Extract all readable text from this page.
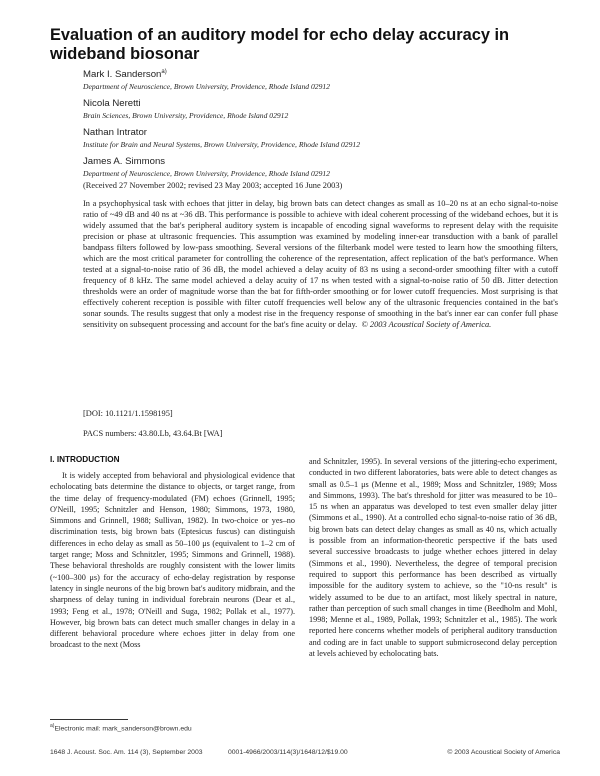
Evaluation of an auditory model for echo delay accuracy in wideband biosonar
Mark I. Sanderson$^{a)}$
Department of Neuroscience, Brown University, Providence, Rhode Island 02912
Nicola Neretti
Brain Sciences, Brown University, Providence, Rhode Island 02912
Nathan Intrator
Institute for Brain and Neural Systems, Brown University, Providence, Rhode Island 02912
James A. Simmons
Department of Neuroscience, Brown University, Providence, Rhode Island 02912
(Received 27 November 2002; revised 23 May 2003; accepted 16 June 2003)

In a psychophysical task with echoes that jitter in delay, big brown bats can detect changes as small as 10–20 ns at an echo signal-to-noise ratio of ~49 dB and 40 ns at ~36 dB. This performance is possible to achieve with ideal coherent processing of the wideband echoes, but it is widely assumed that the bat's peripheral auditory system is incapable of encoding signal waveforms to represent delay with the requisite precision or phase at ultrasonic frequencies. This assumption was examined by modeling inner-ear transduction with a bank of parallel bandpass filters followed by low-pass smoothing. Several versions of the filterbank model were tested to learn how the smoothing filters, which are the most critical parameter for controlling the coherence of the representation, affect replication of the bat's performance. When tested at a signal-to-noise ratio of 36 dB, the model achieved a delay acuity of 83 ns using a second-order smoothing filter with a cutoff frequency of 8 kHz. The same model achieved a delay acuity of 17 ns when tested with a signal-to-noise ratio of 50 dB. Jitter detection thresholds were an order of magnitude worse than the bat for fifth-order smoothing or for lower cutoff frequencies. Most surprising is that effectively coherent reception is possible with filter cutoff frequencies well below any of the ultrasonic frequencies contained in the bat's sonar sounds. The results suggest that only a modest rise in the frequency response of smoothing in the bat's inner ear can confer full phase sensitivity on subsequent processing and account for the bat's fine acuity or delay. © 2003 Acoustical Society of America.

[DOI: 10.1121/1.1598195]
PACS numbers: 43.80.Lb, 43.64.Bt [WA]
I. INTRODUCTION

It is widely accepted from behavioral and physiological evidence that echolocating bats determine the distance to objects, or target range, from the time delay of frequency-modulated (FM) echoes (Grinnell, 1995; O'Neill, 1995; Schnitzler and Henson, 1980; Simmons, 1973, 1980, Simmons and Grinnell, 1988; Sullivan, 1982). In two-choice or yes–no discrimination tests, big brown bats (Eptesicus fuscus) can distinguish differences in echo delay as small as 50–100 μs (equivalent to 1–2 cm of target range; Moss and Schnitzler, 1995; Simmons and Grinnell, 1988). These behavioral thresholds are roughly consistent with the lower limits (~100–300 μs) for the accuracy of echo-delay registration by response latency in single neurons of the big brown bat's auditory midbrain, and the sharpness of delay tuning in individual forebrain neurons (Dear et al., 1993; Feng et al., 1978; O'Neill and Suga, 1982; Pollak et al., 1977). However, big brown bats can detect much smaller changes in delay in a different behavioral procedure where echoes jitter in delay from one broadcast to the next (Moss

and Schnitzler, 1995). In several versions of the jittering-echo experiment, conducted in two different laboratories, bats were able to detect changes as small as 0.5–1 μs (Menne et al., 1989; Moss and Schnitzler, 1989; Moss and Simmons, 1993). The bat's threshold for jitter was measured to be 10–15 ns when an apparatus was developed to test even smaller delay jitter (Simmons et al., 1990). At a controlled echo signal-to-noise ratio of 36 dB, big brown bats can detect delay changes as small as 40 ns, which actually is possible from an information-theoretic perspective if the bats used several successive broadcasts to judge whether echoes jittered in delay (Simmons et al., 1990). Nevertheless, the degree of temporal precision required to support this performance has been described as virtually impossible for the auditory system to achieve, so the "10-ns result" is widely assumed to be due to an artifact, most likely spectral in nature, rather than perception of such small changes in time (Beedholm and Mohl, 1998; Menne et al., 1989, Pollak, 1993; Schnitzler et al., 1985). The work reported here concerns whether models of peripheral auditory transduction and coding are in fact unable to support submicrosecond delay perception at levels achieved by echolocating bats.

$^{a)}$Electronic mail: mark_sanderson@brown.edu
1648 J. Acoust. Soc. Am. 114 (3), September 2003	0001-4966/2003/114(3)/1648/12/$19.00	© 2003 Acoustical Society of America
